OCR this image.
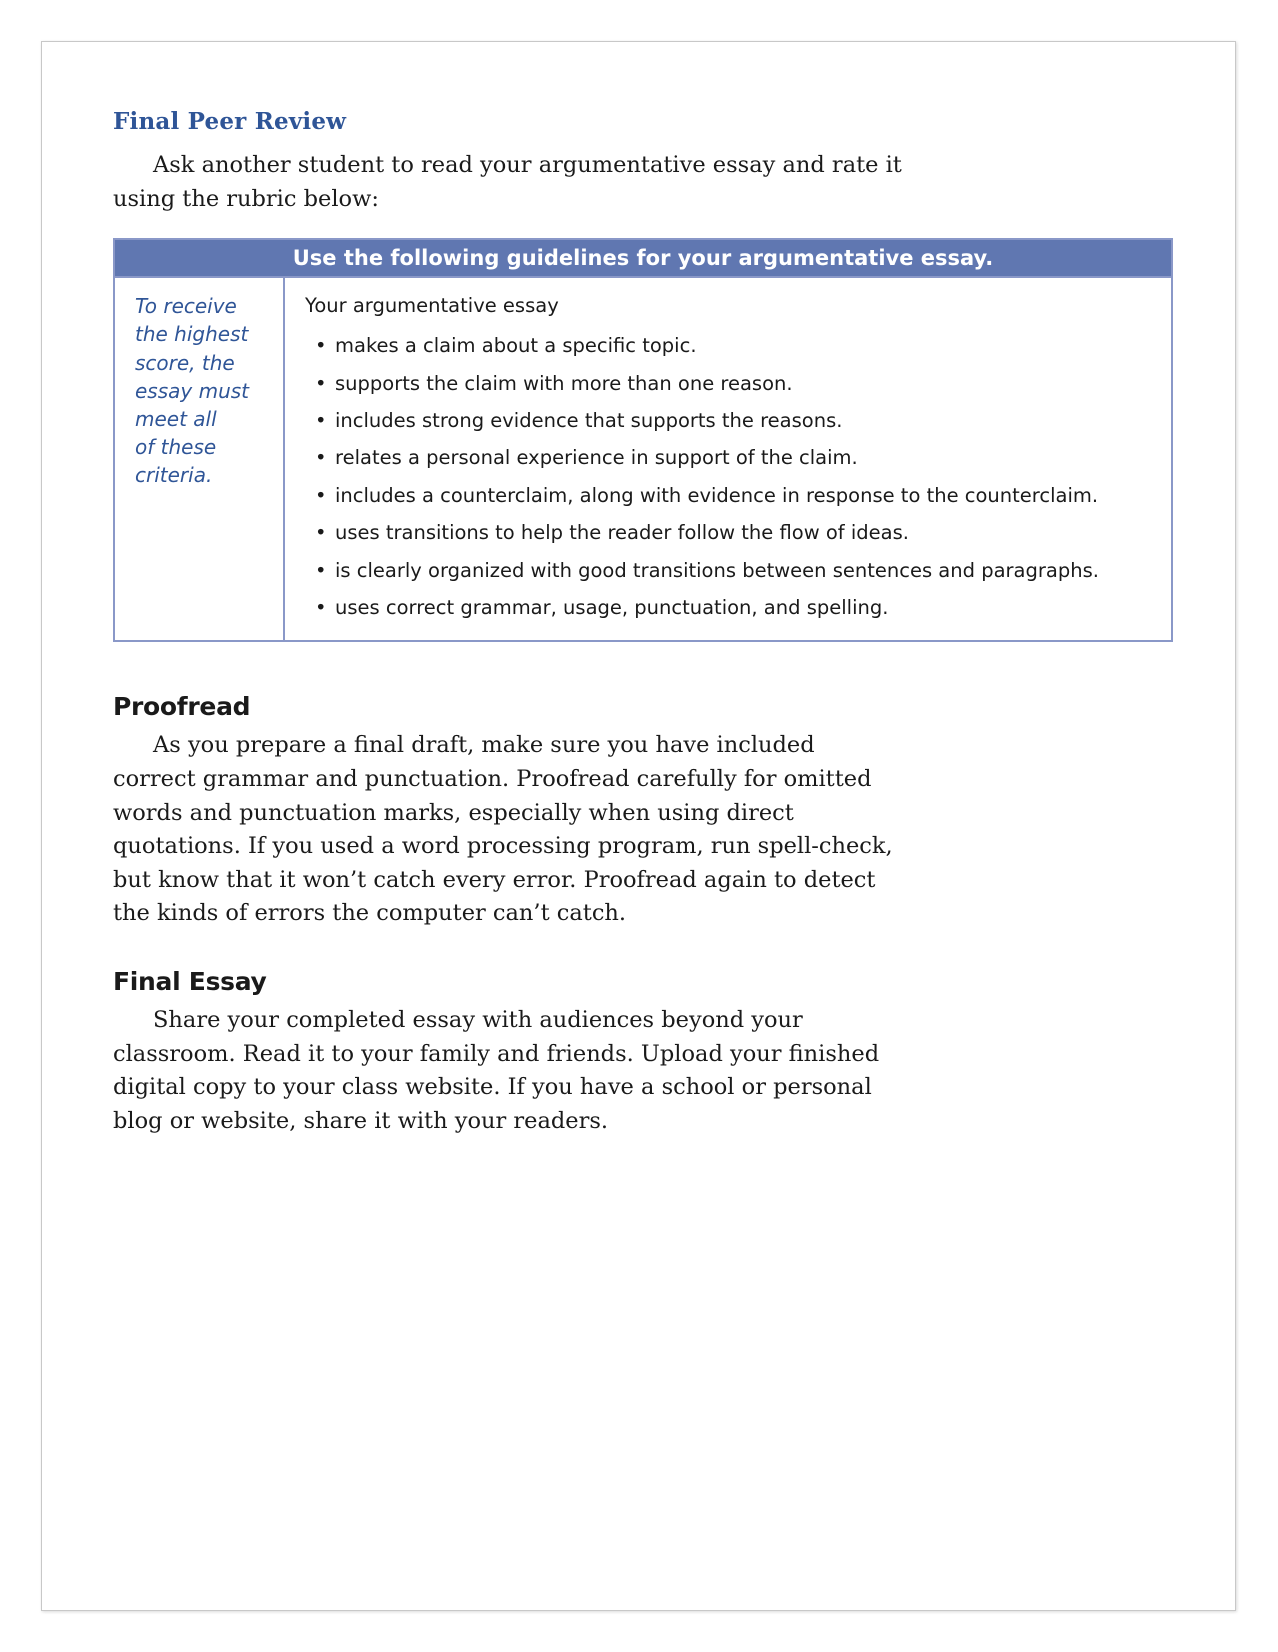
Final Peer Review

Ask another student to read your argumentative essay and rate it using the rubric below:

Use the following guidelines for your argumentative essay.
To receive
the highest
score, the
essay must
meet all
of these
criteria.

Your argumentative essay

• makes a claim about a specific topic.
• supports the claim with more than one reason.
• includes strong evidence that supports the reasons.
• relates a personal experience in support of the claim.
• includes a counterclaim, along with evidence in response to the counterclaim.
• uses transitions to help the reader follow the flow of ideas.
• is clearly organized with good transitions between sentences and paragraphs.
• uses correct grammar, usage, punctuation, and spelling.
Proofread

As you prepare a final draft, make sure you have included correct grammar and punctuation. Proofread carefully for omitted words and punctuation marks, especially when using direct quotations. If you used a word processing program, run spell-check, but know that it won’t catch every error. Proofread again to detect the kinds of errors the computer can’t catch.

Final Essay

Share your completed essay with audiences beyond your classroom. Read it to your family and friends. Upload your finished digital copy to your class website. If you have a school or personal blog or website, share it with your readers.
